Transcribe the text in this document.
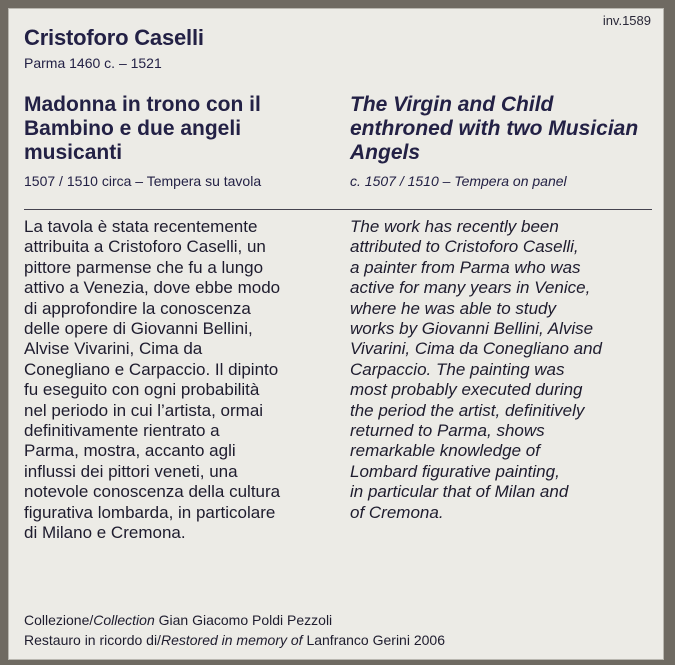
inv.1589

Cristoforo Caselli

Parma 1460 c. – 1521

Madonna in trono con il Bambino e due angeli musicanti
The Virgin and Child enthroned with two Musician Angels

1507 / 1510 circa – Tempera su tavola	c. 1507 / 1510 – Tempera on panel

La tavola è stata recentemente
attribuita a Cristoforo Caselli, un
pittore parmense che fu a lungo
attivo a Venezia, dove ebbe modo
di approfondire la conoscenza
delle opere di Giovanni Bellini,
Alvise Vivarini, Cima da
Conegliano e Carpaccio. Il dipinto
fu eseguito con ogni probabilità
nel periodo in cui l’artista, ormai
definitivamente rientrato a
Parma, mostra, accanto agli
influssi dei pittori veneti, una
notevole conoscenza della cultura
figurativa lombarda, in particolare
di Milano e Cremona.

The work has recently been
attributed to Cristoforo Caselli,
a painter from Parma who was
active for many years in Venice,
where he was able to study
works by Giovanni Bellini, Alvise
Vivarini, Cima da Conegliano and
Carpaccio. The painting was
most probably executed during
the period the artist, definitively
returned to Parma, shows
remarkable knowledge of
Lombard figurative painting,
in particular that of Milan and
of Cremona.

Collezione/Collection Gian Giacomo Poldi Pezzoli

Restauro in ricordo di/Restored in memory of Lanfranco Gerini 2006
